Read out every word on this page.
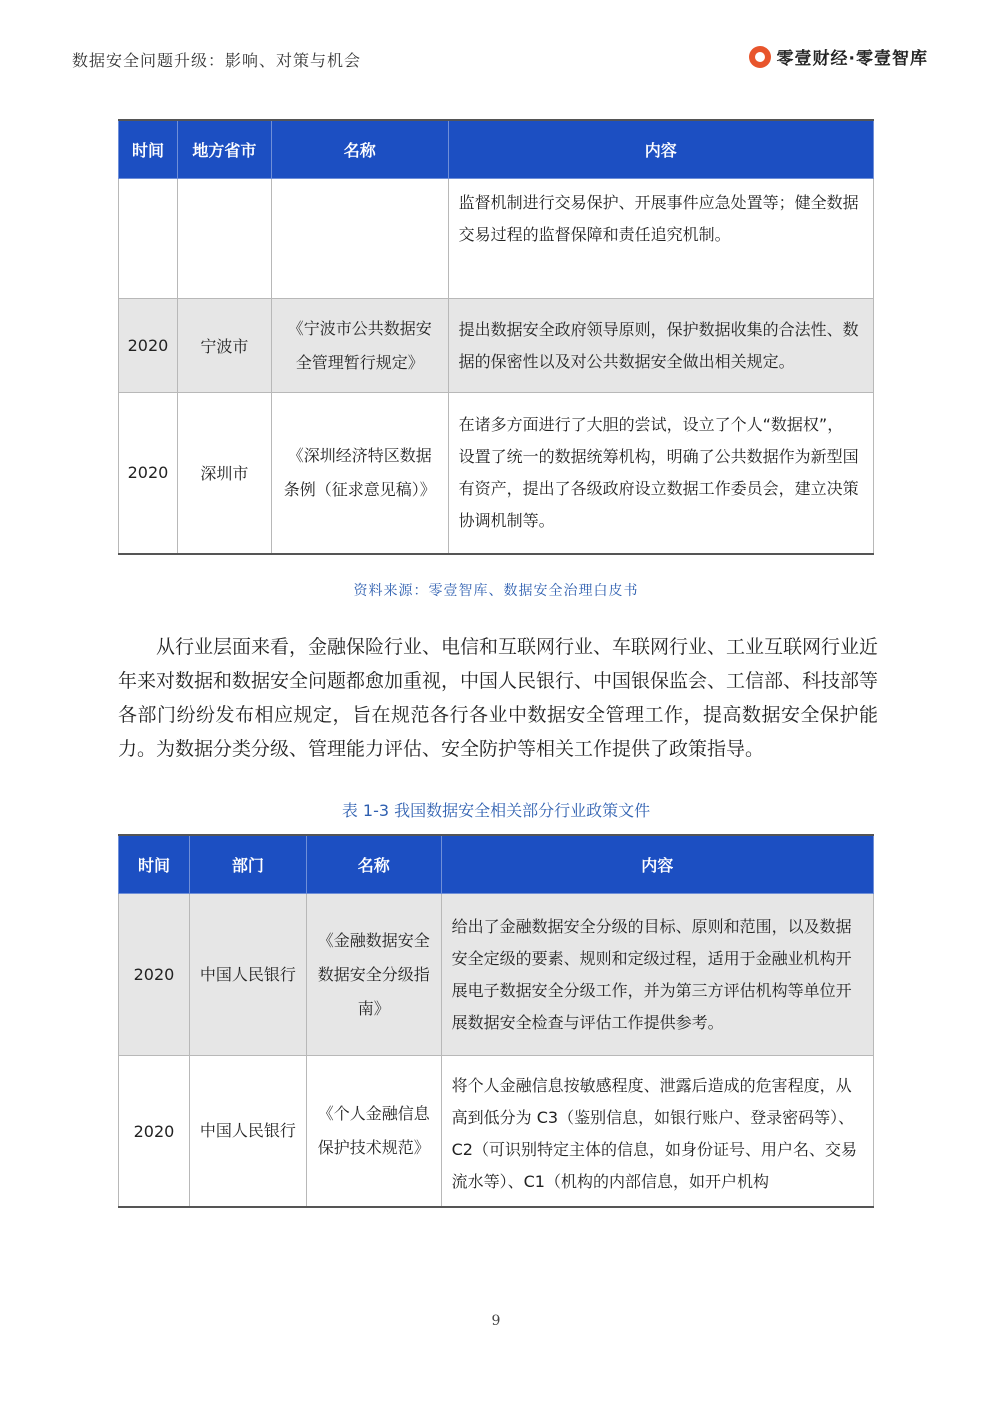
数据安全问题升级：影响、对策与机会	零壹财经·零壹智库
时间	地方省市	名称	内容
			监督机制进行交易保护、开展事件应急处置等；健全数据交易过程的监督保障和责任追究机制。
2020	宁波市	《宁波市公共数据安全管理暂行规定》	提出数据安全政府领导原则，保护数据收集的合法性、数据的保密性以及对公共数据安全做出相关规定。
2020	深圳市	《深圳经济特区数据条例（征求意见稿）》	在诸多方面进行了大胆的尝试，设立了个人“数据权”，设置了统一的数据统筹机构，明确了公共数据作为新型国有资产，提出了各级政府设立数据工作委员会，建立决策协调机制等。
资料来源：零壹智库、数据安全治理白皮书
从行业层面来看，金融保险行业、电信和互联网行业、车联网行业、工业互联网行业近年来对数据和数据安全问题都愈加重视，中国人民银行、中国银保监会、工信部、科技部等各部门纷纷发布相应规定，旨在规范各行各业中数据安全管理工作，提高数据安全保护能力。为数据分类分级、管理能力评估、安全防护等相关工作提供了政策指导。
表 1-3 我国数据安全相关部分行业政策文件
时间	部门	名称	内容
2020	中国人民银行	《金融数据安全数据安全分级指南》	给出了金融数据安全分级的目标、原则和范围，以及数据安全定级的要素、规则和定级过程，适用于金融业机构开展电子数据安全分级工作，并为第三方评估机构等单位开展数据安全检查与评估工作提供参考。
2020	中国人民银行	《个人金融信息保护技术规范》	将个人金融信息按敏感程度、泄露后造成的危害程度，从高到低分为 C3（鉴别信息，如银行账户、登录密码等）、C2（可识别特定主体的信息，如身份证号、用户名、交易流水等）、C1（机构的内部信息，如开户机构
9
